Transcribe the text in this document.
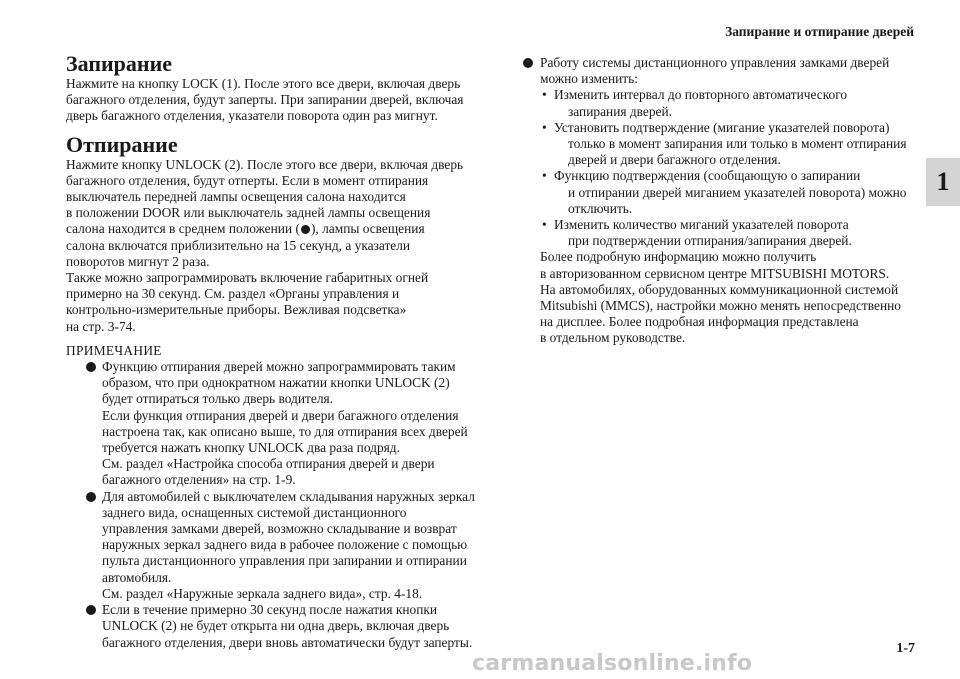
Запирание и отпирание дверей
1
Запирание
Нажмите на кнопку LOCK (1). После этого все двери, включая дверь
багажного отделения, будут заперты. При запирании дверей, включая
дверь багажного отделения, указатели поворота один раз мигнут.
Отпирание
Нажмите кнопку UNLOCK (2). После этого все двери, включая дверь
багажного отделения, будут отперты. Если в момент отпирания
выключатель передней лампы освещения салона находится
в положении DOOR или выключатель задней лампы освещения
салона находится в среднем положении ( ), лампы освещения
салона включатся приблизительно на 15 секунд, а указатели
поворотов мигнут 2 раза.
Также можно запрограммировать включение габаритных огней
примерно на 30 секунд. См. раздел «Органы управления и
контрольно-измерительные приборы. Вежливая подсветка»
на стр. 3-74.
ПРИМЕЧАНИЕ
Функцию отпирания дверей можно запрограммировать таким
образом, что при однократном нажатии кнопки UNLOCK (2)
будет отпираться только дверь водителя.
Если функция отпирания дверей и двери багажного отделения
настроена так, как описано выше, то для отпирания всех дверей
требуется нажать кнопку UNLOCK два раза подряд.
См. раздел «Настройка способа отпирания дверей и двери
багажного отделения» на стр. 1-9.
Для автомобилей с выключателем складывания наружных зеркал
заднего вида, оснащенных системой дистанционного
управления замками дверей, возможно складывание и возврат
наружных зеркал заднего вида в рабочее положение с помощью
пульта дистанционного управления при запирании и отпирании
автомобиля.
См. раздел «Наружные зеркала заднего вида», стр. 4-18.
Если в течение примерно 30 секунд после нажатия кнопки
UNLOCK (2) не будет открыта ни одна дверь, включая дверь
багажного отделения, двери вновь автоматически будут заперты.
Работу системы дистанционного управления замками дверей
можно изменить:
• Изменить интервал до повторного автоматического
запирания дверей.
• Установить подтверждение (мигание указателей поворота)
только в момент запирания или только в момент отпирания
дверей и двери багажного отделения.
• Функцию подтверждения (сообщающую о запирании
и отпирании дверей миганием указателей поворота) можно
отключить.
• Изменить количество миганий указателей поворота
при подтверждении отпирания/запирания дверей.
Более подробную информацию можно получить
в авторизованном сервисном центре MITSUBISHI MOTORS.
На автомобилях, оборудованных коммуникационной системой
Mitsubishi (MMCS), настройки можно менять непосредственно
на дисплее. Более подробная информация представлена
в отдельном руководстве.
1-7
carmanualsonline.info
